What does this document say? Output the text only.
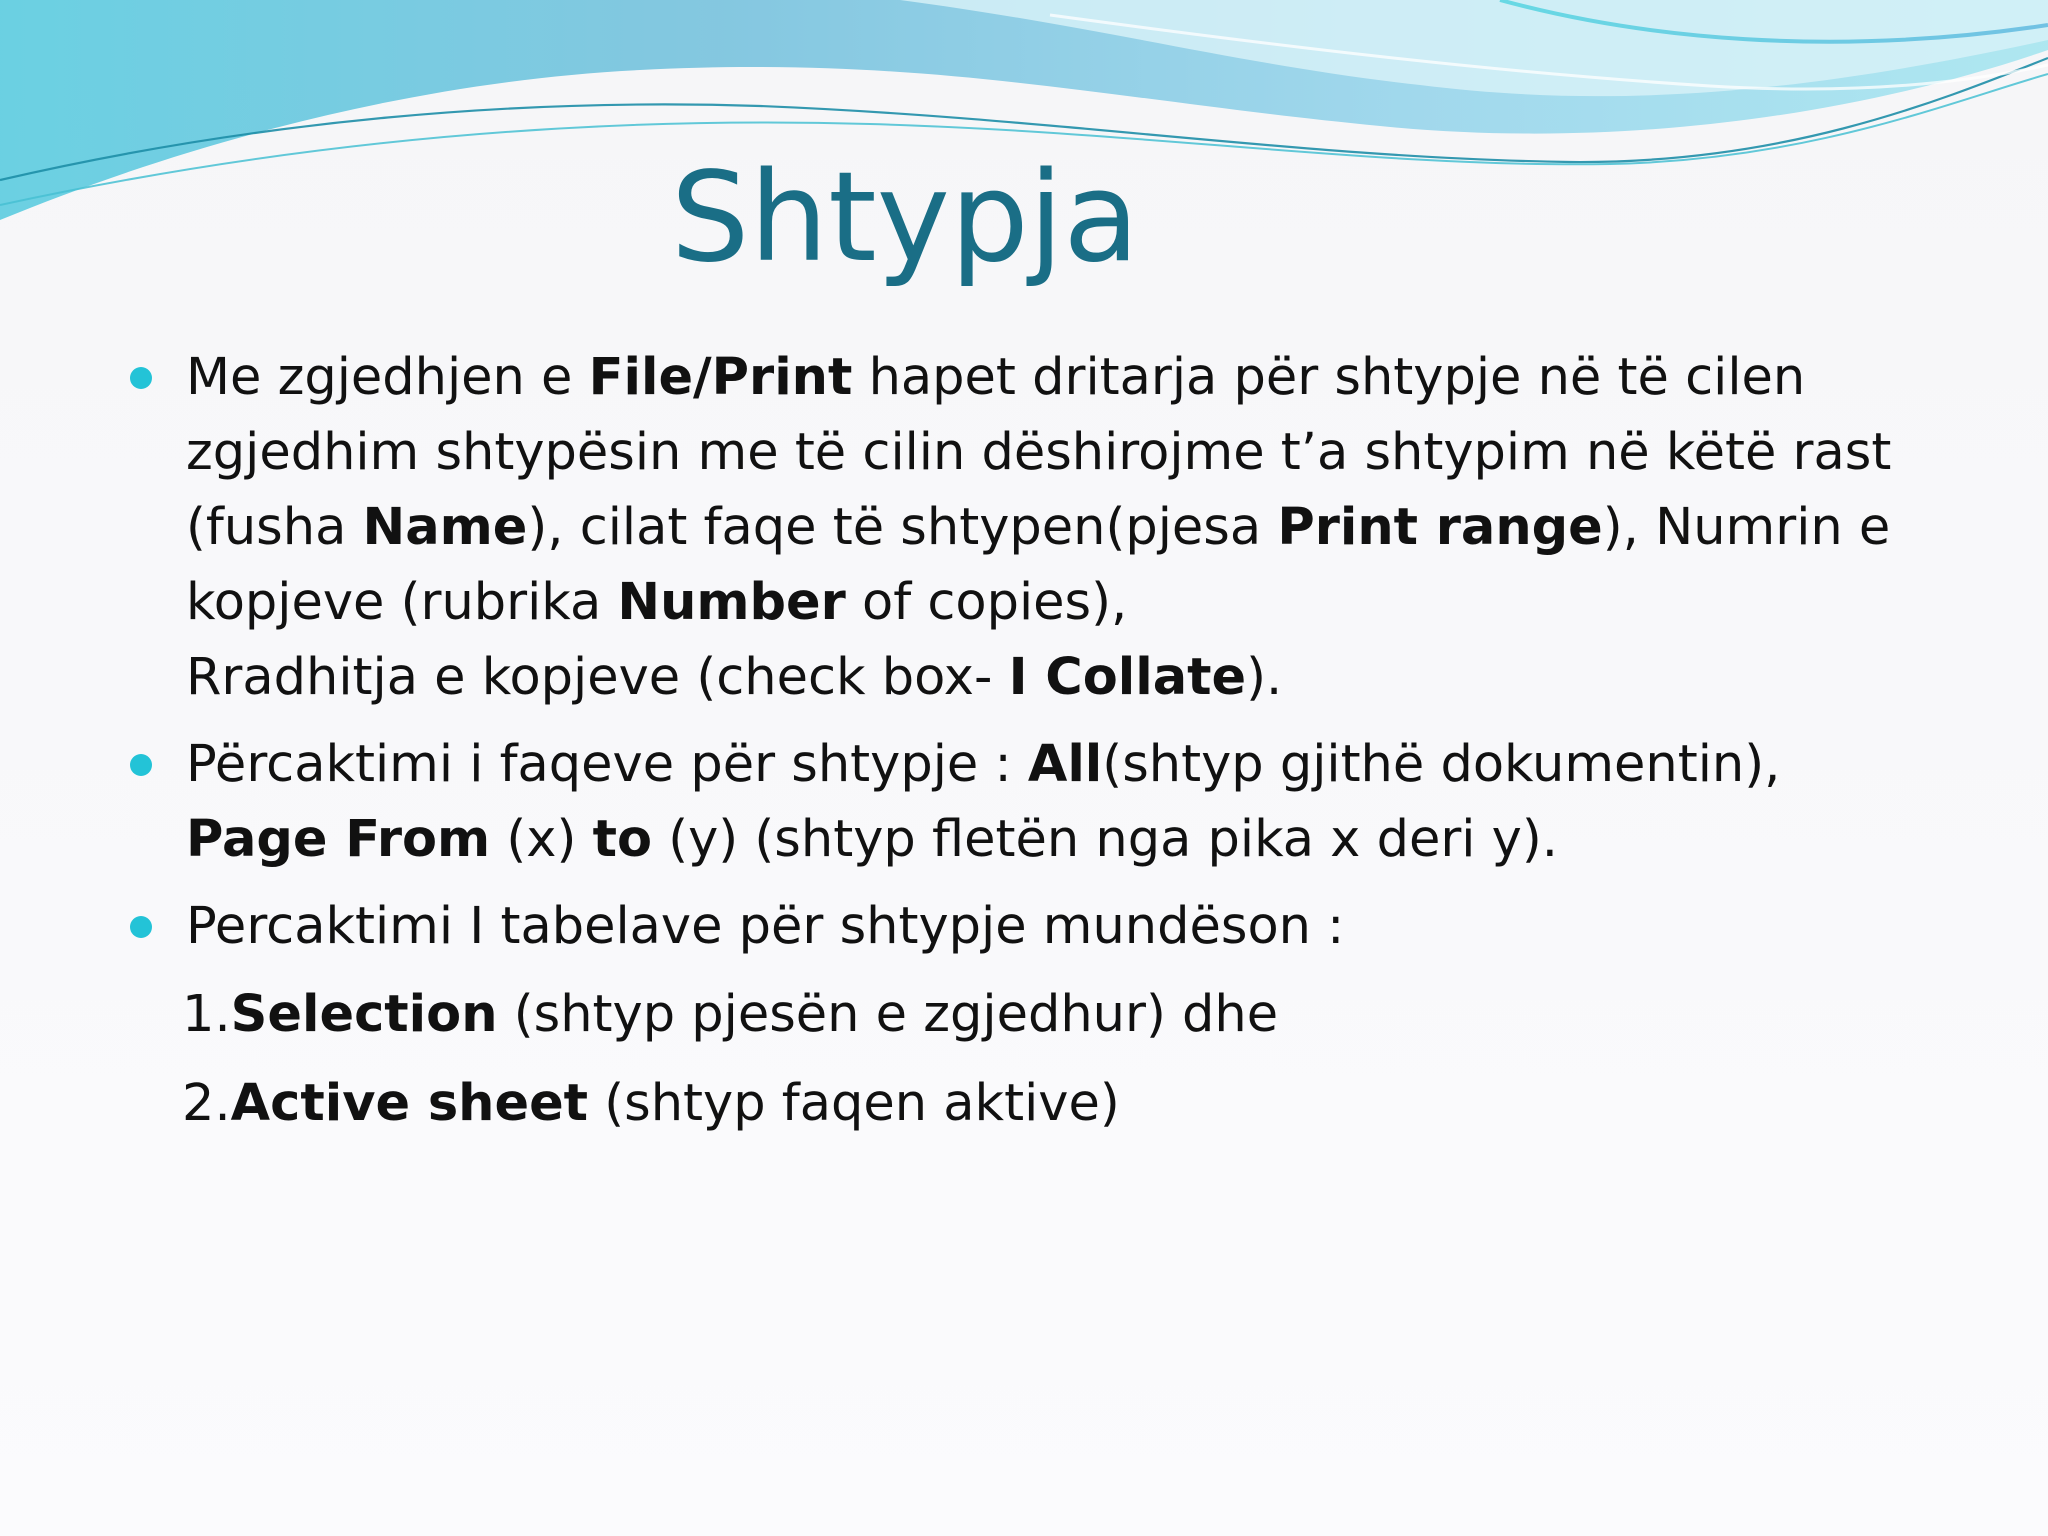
Shtypja
Me zgjedhjen e File/Print hapet dritarja për shtypje në të cilen
zgjedhim shtypësin me të cilin dëshirojme t’a shtypim në këtë rast
(fusha Name), cilat faqe të shtypen(pjesa Print range), Numrin e
kopjeve (rubrika Number of copies),
Rradhitja e kopjeve (check box- I Collate).
Përcaktimi i faqeve për shtypje : All(shtyp gjithë dokumentin),
Page From (x) to (y) (shtyp fletën nga pika x deri y).
Percaktimi I tabelave për shtypje mundëson :
1.Selection (shtyp pjesën e zgjedhur) dhe
2.Active sheet (shtyp faqen aktive)
